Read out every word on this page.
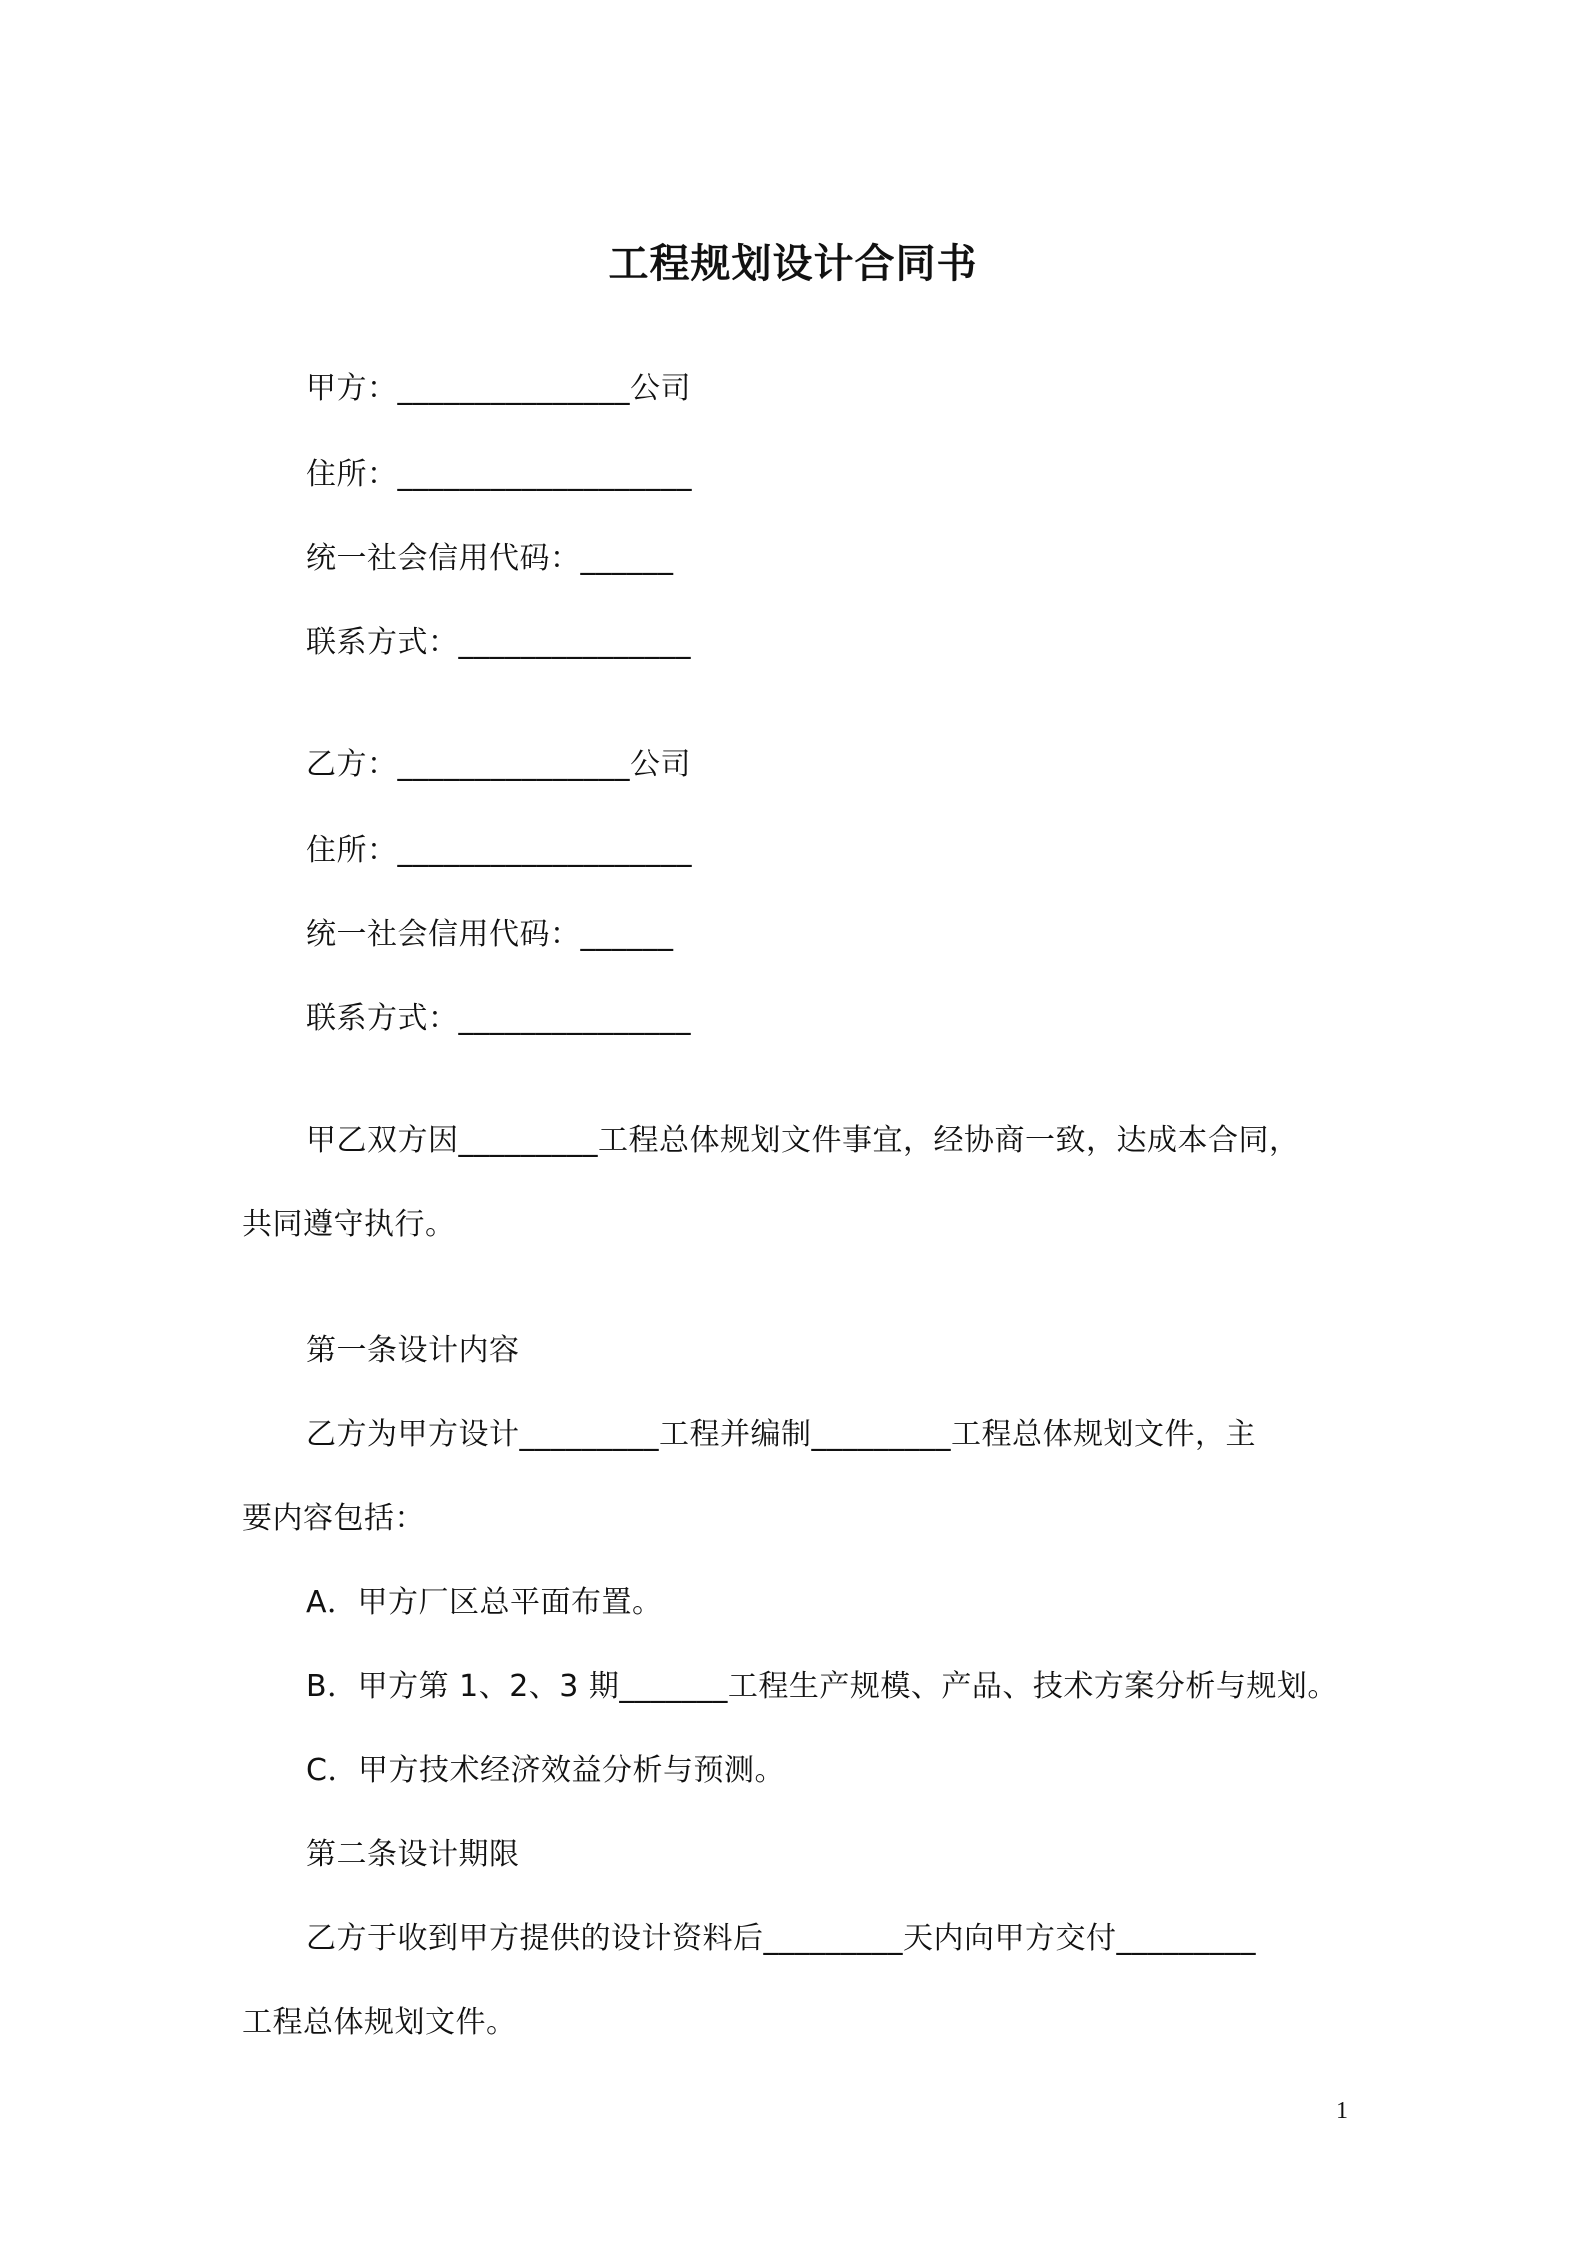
工程规划设计合同书
甲方：_______________公司
住所：___________________
统一社会信用代码：______
联系方式：_______________
乙方：_______________公司
住所：___________________
统一社会信用代码：______
联系方式：_______________
甲乙双方因_________工程总体规划文件事宜，经协商一致，达成本合同，
共同遵守执行。
第一条设计内容
乙方为甲方设计_________工程并编制_________工程总体规划文件，主
要内容包括：
A．甲方厂区总平面布置。
B．甲方第 1、2、3 期_______工程生产规模、产品、技术方案分析与规划。
C．甲方技术经济效益分析与预测。
第二条设计期限
乙方于收到甲方提供的设计资料后_________天内向甲方交付_________
工程总体规划文件。
1
